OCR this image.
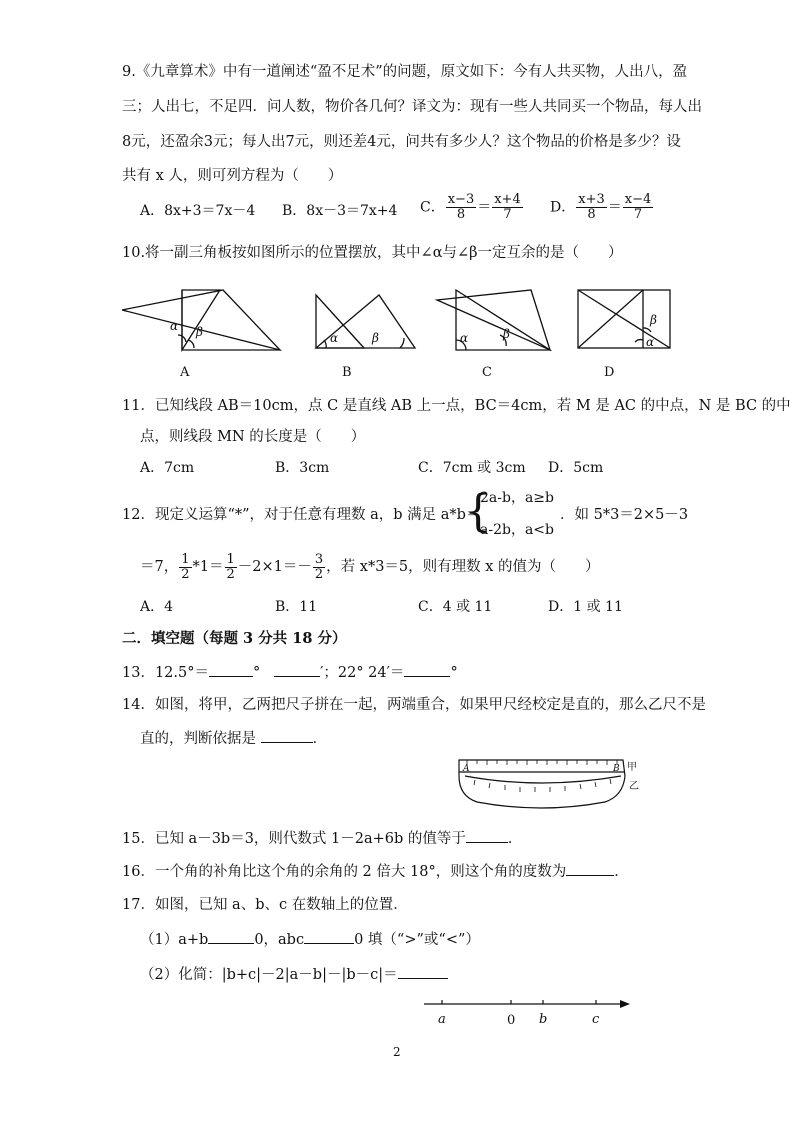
9.《九章算术》中有一道阐述“盈不足术”的问题，原文如下：今有人共买物，人出八，盈
三；人出七，不足四．问人数，物价各几何？译文为：现有一些人共同买一个物品，每人出
8元，还盈余3元；每人出7元，则还差4元，问共有多少人？这个物品的价格是多少？设
共有 x 人，则可列方程为（　　）
A．8x+3＝7x－4 B．8x－3＝7x+4 C． $\frac{x-3}{8} = \frac{x+4}{7}$ D． $\frac{x+3}{8} = \frac{x-4}{7}$
10.将一副三角板按如图所示的位置摆放，其中∠α与∠β一定互余的是（　　）
α β	α	β	α	β
α
β
A	B	C	D
11．已知线段 AB＝10cm，点 C 是直线 AB 上一点，BC＝4cm，若 M 是 AC 的中点，N 是 BC 的中
点，则线段 MN 的长度是（　　）
A．7cm	B．3cm	C．7cm 或 3cm D．5cm
12．现定义运算“*”，对于任意有理数 a，b 满足 a*b＝
{
2a-b，a≥b
a-2b，a<b
．如 5*3＝2×5－3
＝7， $\frac{1}{2} *1= \frac{1}{2} -2\times 1=- \frac{3}{2}$ ，若 x*3＝5，则有理数 x 的值为（　　）
A．4	B．11	C．4 或 11	D．1 或 11
二．填空题（每题 3 分共 18 分）
13．12.5°＝	°	′；22° 24′＝	°
14．如图，将甲，乙两把尺子拼在一起，两端重合，如果甲尺经校定是直的，那么乙尺不是
直的，判断依据是	．
A	B 甲
乙
15．已知 a－3b＝3，则代数式 1－2a+6b 的值等于	．
16．一个角的补角比这个角的余角的 2 倍大 18°，则这个角的度数为	．
17．如图，已知 a、b、c 在数轴上的位置．
（1）a+b	0，abc	0 填（“>”或“<”）
（2）化简：|b+c|－2|a－b|－|b－c|＝
a	0 b	c
2
